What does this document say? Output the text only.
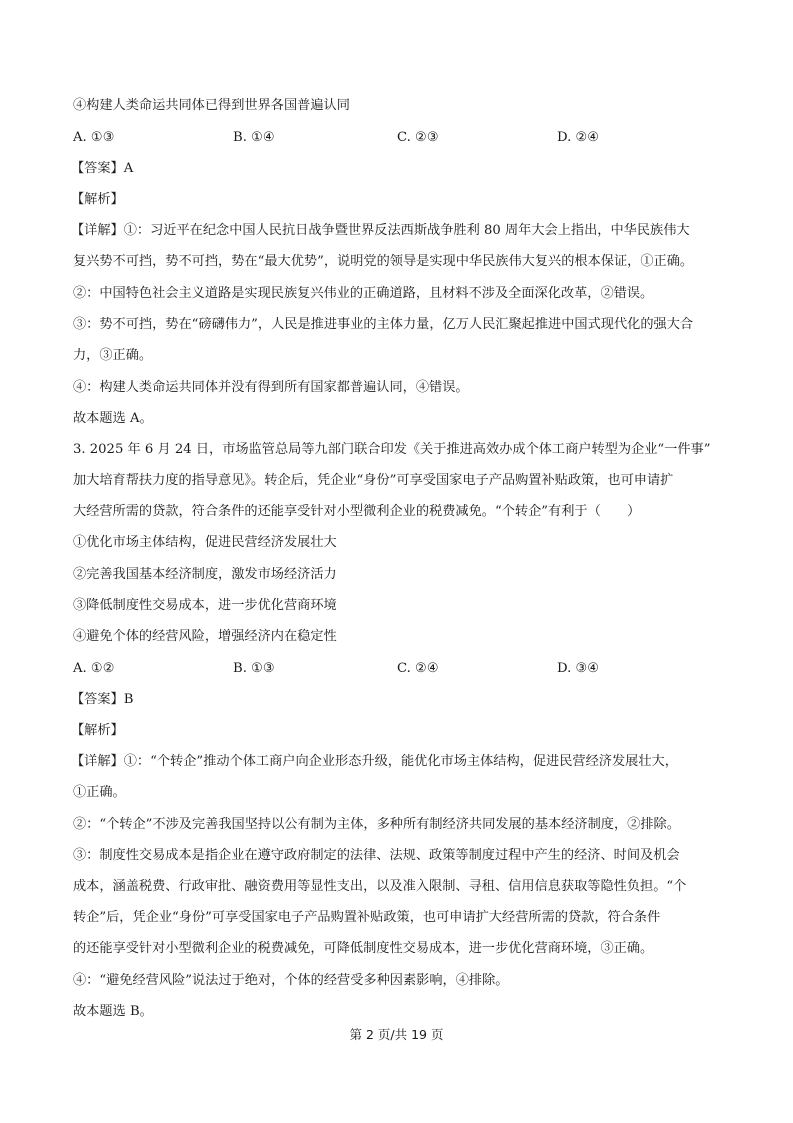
④构建人类命运共同体已得到世界各国普遍认同
A. ①③	B. ①④	C. ②③	D. ②④
【答案】A
【解析】
【详解】①：习近平在纪念中国人民抗日战争暨世界反法西斯战争胜利 80 周年大会上指出，中华民族伟大
复兴势不可挡，势不可挡，势在“最大优势”，说明党的领导是实现中华民族伟大复兴的根本保证，①正确。
②：中国特色社会主义道路是实现民族复兴伟业的正确道路，且材料不涉及全面深化改革，②错误。
③：势不可挡，势在“磅礴伟力”，人民是推进事业的主体力量，亿万人民汇聚起推进中国式现代化的强大合
力，③正确。
④：构建人类命运共同体并没有得到所有国家都普遍认同，④错误。
故本题选 A。
3. 2025 年 6 月 24 日，市场监管总局等九部门联合印发《关于推进高效办成个体工商户转型为企业“一件事”
加大培育帮扶力度的指导意见》。转企后，凭企业“身份”可享受国家电子产品购置补贴政策，也可申请扩
大经营所需的贷款，符合条件的还能享受针对小型微利企业的税费减免。“个转企”有利于（　　）
①优化市场主体结构，促进民营经济发展壮大
②完善我国基本经济制度，激发市场经济活力
③降低制度性交易成本，进一步优化营商环境
④避免个体的经营风险，增强经济内在稳定性
A. ①②	B. ①③	C. ②④	D. ③④
【答案】B
【解析】
【详解】①：“个转企”推动个体工商户向企业形态升级，能优化市场主体结构，促进民营经济发展壮大，
①正确。
②：“个转企”不涉及完善我国坚持以公有制为主体，多种所有制经济共同发展的基本经济制度，②排除。
③：制度性交易成本是指企业在遵守政府制定的法律、法规、政策等制度过程中产生的经济、时间及机会
成本，涵盖税费、行政审批、融资费用等显性支出，以及准入限制、寻租、信用信息获取等隐性负担。“个
转企”后，凭企业“身份”可享受国家电子产品购置补贴政策，也可申请扩大经营所需的贷款，符合条件
的还能享受针对小型微利企业的税费减免，可降低制度性交易成本，进一步优化营商环境，③正确。
④：“避免经营风险”说法过于绝对，个体的经营受多种因素影响，④排除。
故本题选 B。
第 2 页/共 19 页
